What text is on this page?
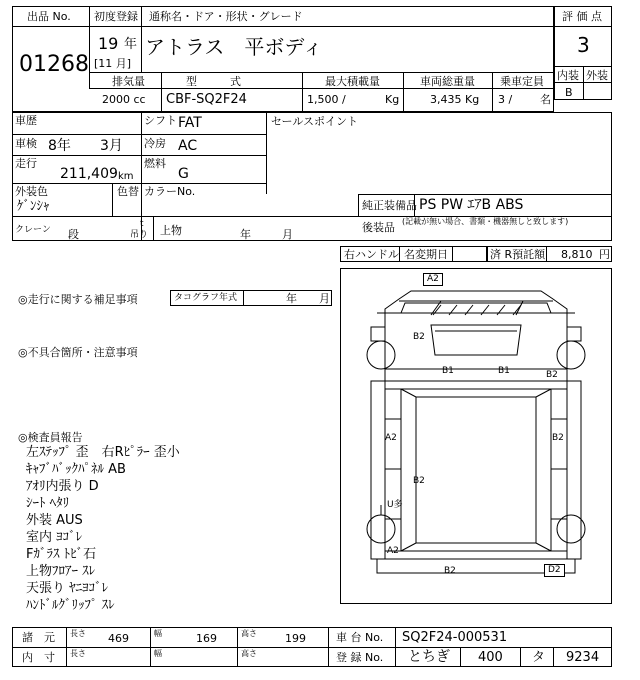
出品 No.
01268
初度登録
19 年
[11 月]
通称名・ドア・形状・グレード
アトラス　平ボディ
排気量
2000 cc
型　　　式
CBF-SQ2F24
最大積載量
1,500 /	Kg
車両総重量
3,435 Kg
乗車定員
3 /	名
評 価 点
3
内装 外装
B
車歴	シフト FAT	セールスポイント
車検 8年 3月 冷房 AC
走行
211,409 km
燃料
G
外装色
ｹﾞﾝｼｬ
色替 カラーNo.
純正装備品 PS PW ｴｱB ABS
後装品 (記載が無い場合、書類・機器無しと致します)
クレーン 段
t
吊り 上物	年	月
右ハンドル 名変期日	済 R預託額 8,810 円
◎走行に関する補足事項	タコグラフ年式	年 月
◎不具合箇所・注意事項
◎検査員報告
左ｽﾃｯﾌﾟ 歪　右Rﾋﾟﾗｰ 歪小
ｷｬﾌﾞﾊﾞｯｸﾊﾟﾈﾙ AB
ｱｵﾘ内張り D
ｼｰﾄ ﾍﾀﾘ
外装 AUS
室内 ﾖｺﾞﾚ
Fｶﾞﾗｽ ﾄﾋﾞ石
上物ﾌﾛｱｰ ｽﾚ
天張り ﾔﾆﾖｺﾞﾚ
ﾊﾝﾄﾞﾙｸﾞﾘｯﾌﾟ ｽﾚ
A2
B2
B1	B1	B2
B2
A2
B2
U多
A2
B2	D2
諸　元 長さ 469	幅	169	高さ	199
内　寸 長さ	幅	高さ
車 台 No. SQ2F24-000531
登 録 No. とちぎ 400 タ 9234
